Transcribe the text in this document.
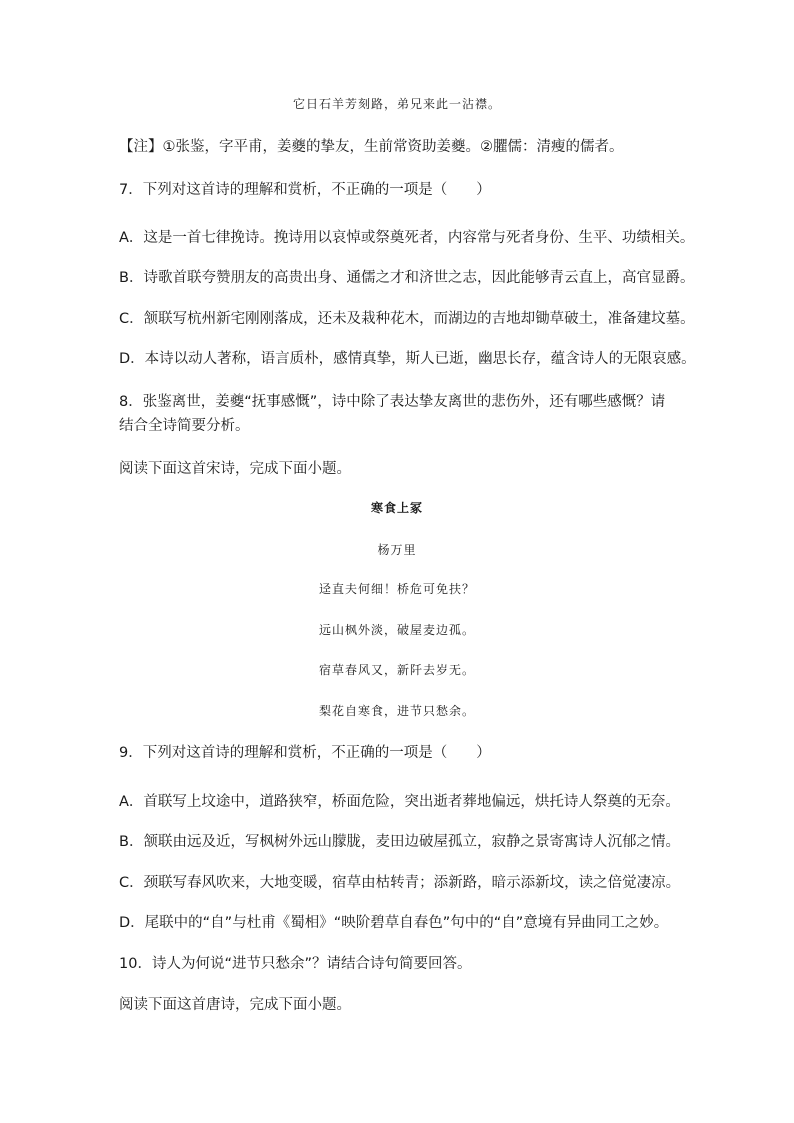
它日石羊芳刻路，弟兄来此一沾襟。
【注】①张鉴，字平甫，姜夔的挚友，生前常资助姜夔。②臞儒：清瘦的儒者。
7．下列对这首诗的理解和赏析，不正确的一项是（　　）
A．这是一首七律挽诗。挽诗用以哀悼或祭奠死者，内容常与死者身份、生平、功绩相关。
B．诗歌首联夸赞朋友的高贵出身、通儒之才和济世之志，因此能够青云直上，高官显爵。
C．颔联写杭州新宅刚刚落成，还未及栽种花木，而湖边的吉地却锄草破土，准备建坟墓。
D．本诗以动人著称，语言质朴，感情真挚，斯人已逝，幽思长存，蕴含诗人的无限哀感。
8．张鉴离世，姜夔“抚事感慨”，诗中除了表达挚友离世的悲伤外，还有哪些感慨？请结合全诗简要分析。
阅读下面这首宋诗，完成下面小题。
寒食上冢
杨万里
迳直夫何细！桥危可免扶？
远山枫外淡，破屋麦边孤。
宿草春风又，新阡去岁无。
梨花自寒食，进节只愁余。
9．下列对这首诗的理解和赏析，不正确的一项是（　　）
A．首联写上坟途中，道路狭窄，桥面危险，突出逝者葬地偏远，烘托诗人祭奠的无奈。
B．颔联由远及近，写枫树外远山朦胧，麦田边破屋孤立，寂静之景寄寓诗人沉郁之情。
C．颈联写春风吹来，大地变暖，宿草由枯转青；添新路，暗示添新坟，读之倍觉凄凉。
D．尾联中的“自”与杜甫《蜀相》“映阶碧草自春色”句中的“自”意境有异曲同工之妙。
10．诗人为何说“进节只愁余”？请结合诗句简要回答。
阅读下面这首唐诗，完成下面小题。
